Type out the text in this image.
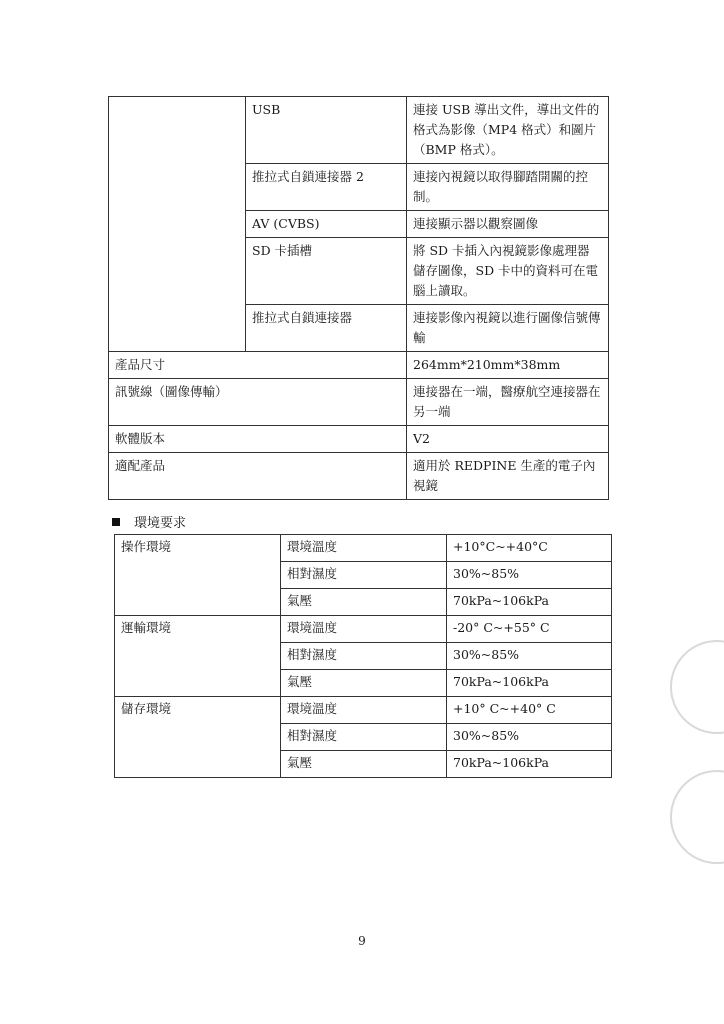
	USB	連接 USB 導出文件，導出文件的格式為影像（MP4 格式）和圖片（BMP 格式）。
	推拉式自鎖連接器 2	連接內視鏡以取得腳踏開關的控制。
	AV (CVBS)	連接顯示器以觀察圖像
	SD 卡插槽	將 SD 卡插入內視鏡影像處理器儲存圖像，SD 卡中的資料可在電腦上讀取。
	推拉式自鎖連接器	連接影像內視鏡以進行圖像信號傳輸
產品尺寸		264mm*210mm*38mm
訊號線（圖像傳輸）		連接器在一端，醫療航空連接器在另一端
軟體版本		V2
適配產品		適用於 REDPINE 生產的電子內視鏡
環境要求
操作環境	環境溫度	+10°C~+40°C
	相對濕度	30%~85%
	氣壓	70kPa~106kPa
運輸環境	環境溫度	-20° C~+55° C
	相對濕度	30%~85%
	氣壓	70kPa~106kPa
儲存環境	環境溫度	+10° C~+40° C
	相對濕度	30%~85%
	氣壓	70kPa~106kPa
9
